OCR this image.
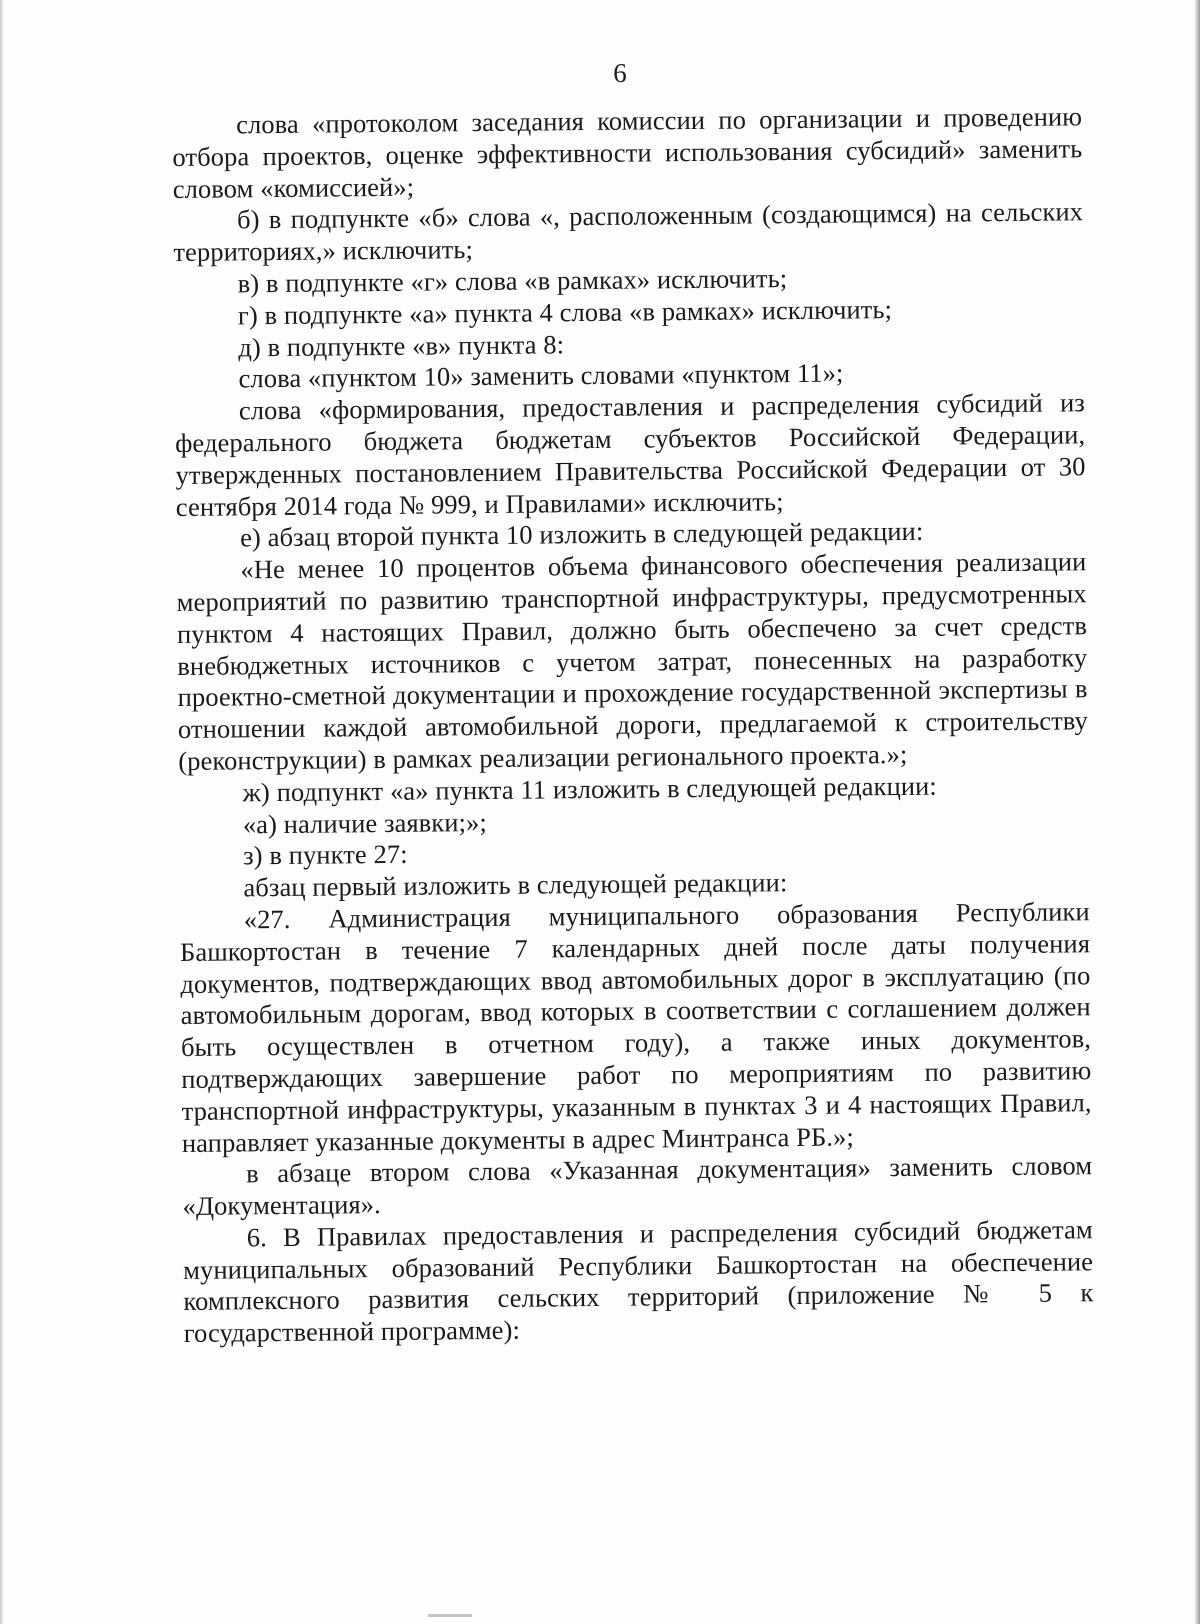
6

слова «протоколом заседания комиссии по организации и проведению отбора проектов, оценке эффективности использования субсидий» заменить словом «комиссией»;

б) в подпункте «б» слова «, расположенным (создающимся) на сельских территориях,» исключить;

в) в подпункте «г» слова «в рамках» исключить;

г) в подпункте «а» пункта 4 слова «в рамках» исключить;

д) в подпункте «в» пункта 8:

слова «пунктом 10» заменить словами «пунктом 11»;

слова «формирования, предоставления и распределения субсидий из федерального бюджета бюджетам субъектов Российской Федерации, утвержденных постановлением Правительства Российской Федерации от 30 сентября 2014 года № 999, и Правилами» исключить;

е) абзац второй пункта 10 изложить в следующей редакции:

«Не менее 10 процентов объема финансового обеспечения реализации мероприятий по развитию транспортной инфраструктуры, предусмотренных пунктом 4 настоящих Правил, должно быть обеспечено за счет средств внебюджетных источников с учетом затрат, понесенных на разработку проектно-сметной документации и прохождение государственной экспертизы в отношении каждой автомобильной дороги, предлагаемой к строительству (реконструкции) в рамках реализации регионального проекта.»;

ж) подпункт «а» пункта 11 изложить в следующей редакции:

«а) наличие заявки;»;

з) в пункте 27:

абзац первый изложить в следующей редакции:

«27. Администрация муниципального образования Республики Башкортостан в течение 7 календарных дней после даты получения документов, подтверждающих ввод автомобильных дорог в эксплуатацию (по автомобильным дорогам, ввод которых в соответствии с соглашением должен быть осуществлен в отчетном году), а также иных документов, подтверждающих завершение работ по мероприятиям по развитию транспортной инфраструктуры, указанным в пунктах 3 и 4 настоящих Правил, направляет указанные документы в адрес Минтранса РБ.»;

в абзаце втором слова «Указанная документация» заменить словом «Документация».

6. В Правилах предоставления и распределения субсидий бюджетам муниципальных образований Республики Башкортостан на обеспечение комплексного развития сельских территорий (приложение № 5 к государственной программе):
